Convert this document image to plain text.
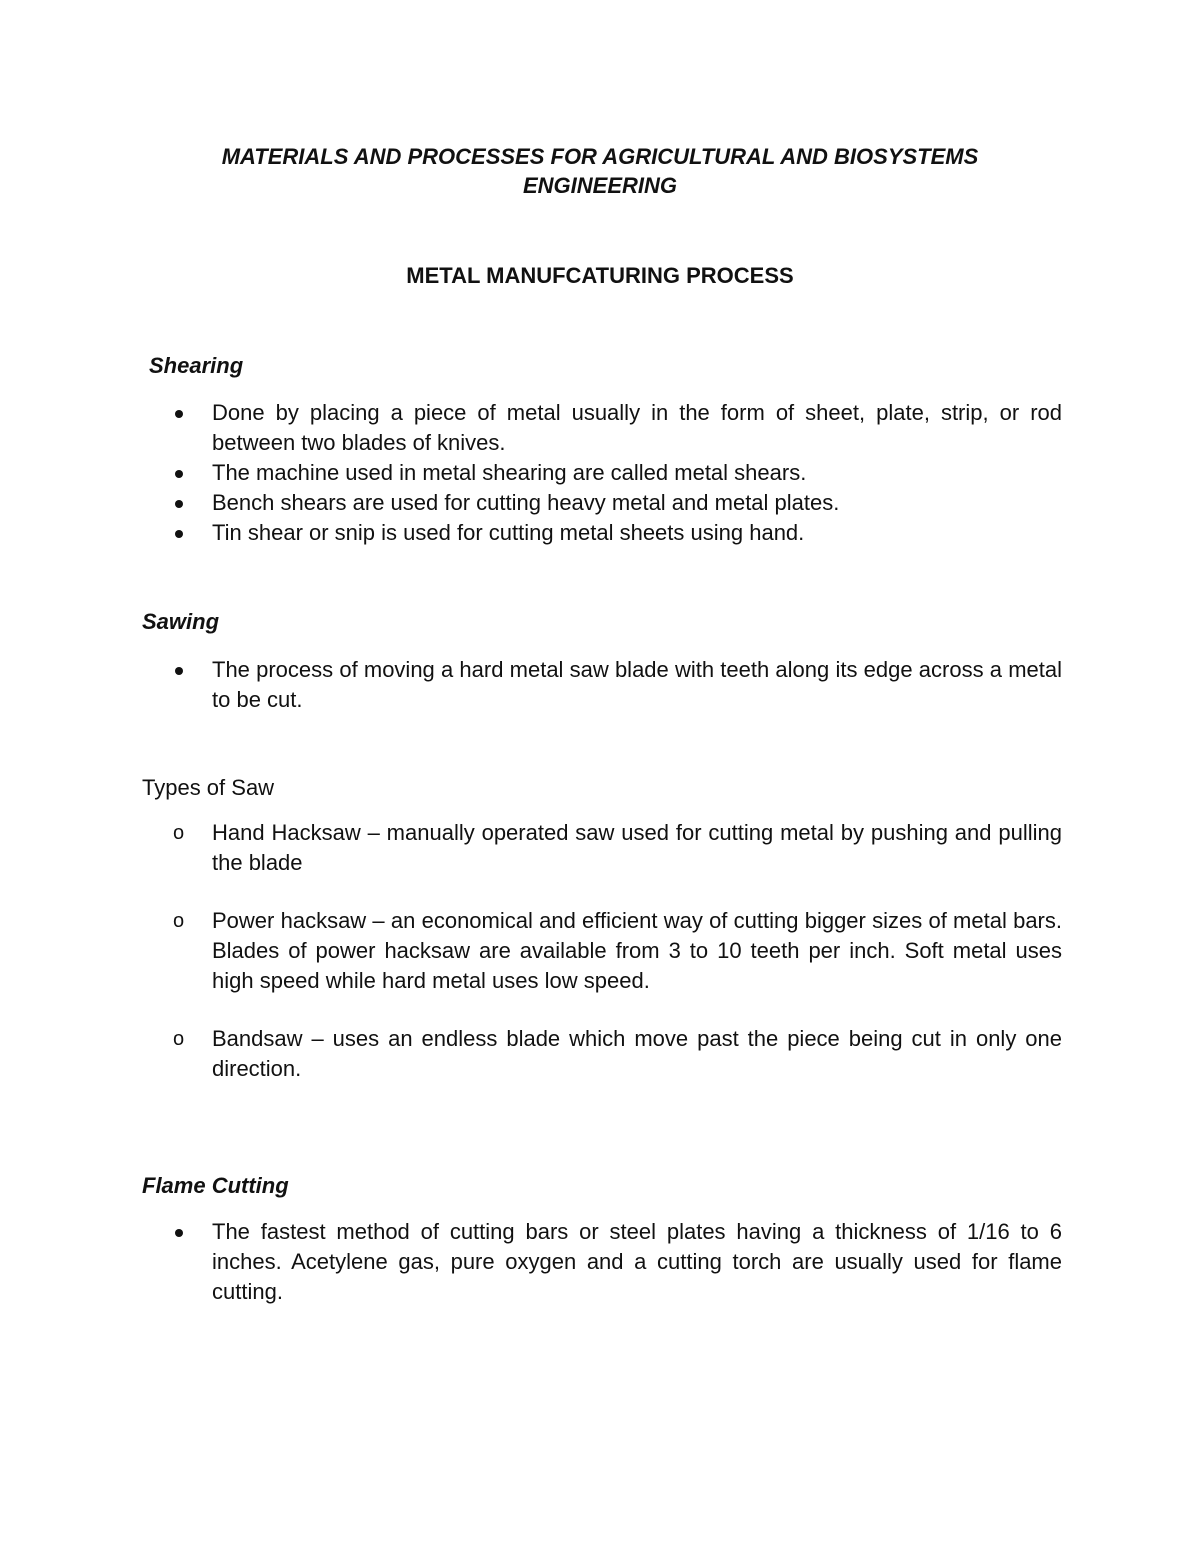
MATERIALS AND PROCESSES FOR AGRICULTURAL AND BIOSYSTEMS
ENGINEERING
METAL MANUFCATURING PROCESS
Shearing
Done by placing a piece of metal usually in the form of sheet, plate, strip, or rod between two blades of knives.
The machine used in metal shearing are called metal shears.
Bench shears are used for cutting heavy metal and metal plates.
Tin shear or snip is used for cutting metal sheets using hand.
Sawing
The process of moving a hard metal saw blade with teeth along its edge across a metal to be cut.
Types of Saw
o Hand Hacksaw – manually operated saw used for cutting metal by pushing and pulling the blade
o Power hacksaw – an economical and efficient way of cutting bigger sizes of metal bars. Blades of power hacksaw are available from 3 to 10 teeth per inch. Soft metal uses high speed while hard metal uses low speed.
o Bandsaw – uses an endless blade which move past the piece being cut in only one direction.
Flame Cutting
The fastest method of cutting bars or steel plates having a thickness of 1/16 to 6 inches. Acetylene gas, pure oxygen and a cutting torch are usually used for flame cutting.
